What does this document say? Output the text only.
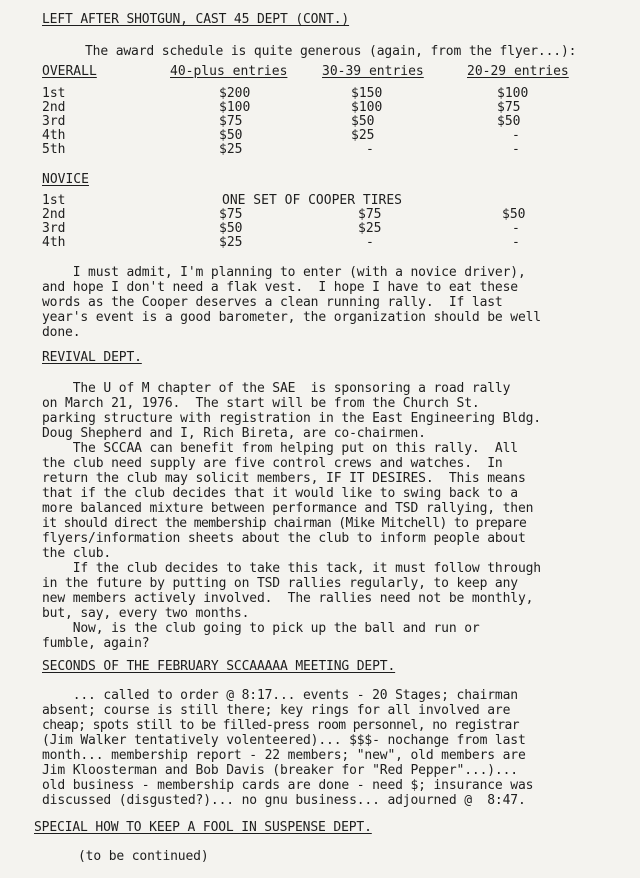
LEFT AFTER SHOTGUN, CAST 45 DEPT (CONT.)
The award schedule is quite generous (again, from the flyer...):
OVERALL	40-plus entries	30-39 entries	20-29 entries
1st	$200	$150	$100
2nd	$100	$100	$75
3rd	$75	$50	$50
4th	$50	$25	-
5th	$25	-	-
NOVICE
1st	ONE SET OF COOPER TIRES
2nd	$75	$75	$50
3rd	$50	$25	-
4th	$25	-	-
I must admit, I'm planning to enter (with a novice driver),
and hope I don't need a flak vest.  I hope I have to eat these
words as the Cooper deserves a clean running rally.  If last
year's event is a good barometer, the organization should be well
done.
REVIVAL DEPT.
The U of M chapter of the SAE  is sponsoring a road rally
on March 21, 1976.  The start will be from the Church St.
parking structure with registration in the East Engineering Bldg.
Doug Shepherd and I, Rich Bireta, are co-chairmen.
The SCCAA can benefit from helping put on this rally.  All
the club need supply are five control crews and watches.  In
return the club may solicit members, IF IT DESIRES.  This means
that if the club decides that it would like to swing back to a
more balanced mixture between performance and TSD rallying, then
it should direct the membership chairman (Mike Mitchell) to prepare
flyers/information sheets about the club to inform people about
the club.
If the club decides to take this tack, it must follow through
in the future by putting on TSD rallies regularly, to keep any
new members actively involved.  The rallies need not be monthly,
but, say, every two months.
Now, is the club going to pick up the ball and run or
fumble, again?
SECONDS OF THE FEBRUARY SCCAAAAA MEETING DEPT.
... called to order @ 8:17... events - 20 Stages; chairman
absent; course is still there; key rings for all involved are
cheap; spots still to be filled-press room personnel, no registrar
(Jim Walker tentatively volenteered)... $$$- nochange from last
month... membership report - 22 members; "new", old members are
Jim Kloosterman and Bob Davis (breaker for "Red Pepper"...)...
old business - membership cards are done - need $; insurance was
discussed (disgusted?)... no gnu business... adjourned @  8:47.
SPECIAL HOW TO KEEP A FOOL IN SUSPENSE DEPT.
(to be continued)
